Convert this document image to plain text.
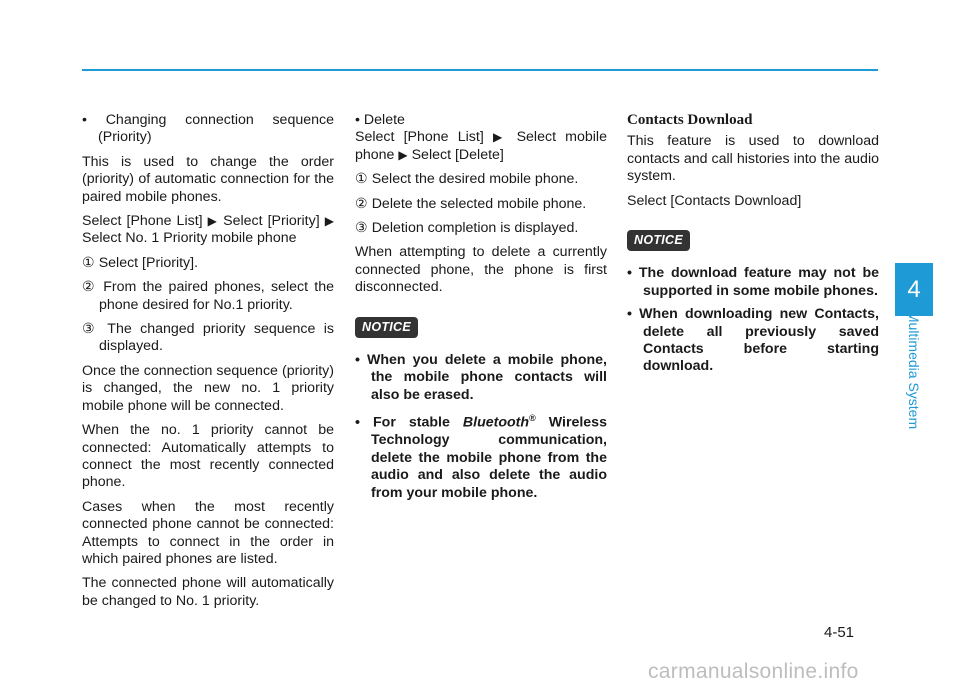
• Changing connection sequence (Priority)

This is used to change the order (priority) of automatic connection for the paired mobile phones.

Select [Phone List] ▶ Select [Priority] ▶ Select No. 1 Priority mobile phone

① Select [Priority].

② From the paired phones, select the phone desired for No.1 priority.

③ The changed priority sequence is displayed.

Once the connection sequence (priority) is changed, the new no. 1 priority mobile phone will be connected.

When the no. 1 priority cannot be connected: Automatically attempts to connect the most recently connected phone.

Cases when the most recently connected phone cannot be connected: Attempts to connect in the order in which paired phones are listed.

The connected phone will automatically be changed to No. 1 priority.

• Delete

Select [Phone List] ▶ Select mobile phone ▶ Select [Delete]

① Select the desired mobile phone.

② Delete the selected mobile phone.

③ Deletion completion is displayed.

When attempting to delete a currently connected phone, the phone is first disconnected.

NOTICE

• When you delete a mobile phone, the mobile phone contacts will also be erased.

• For stable Bluetooth® Wireless Technology communication, delete the mobile phone from the audio and also delete the audio from your mobile phone.

Contacts Download

This feature is used to download contacts and call histories into the audio system.

Select [Contacts Download]

NOTICE

• The download feature may not be supported in some mobile phones.

• When downloading new Contacts, delete all previously saved Contacts before starting download.

4
Multimedia System
4-51
carmanualsonline.info
